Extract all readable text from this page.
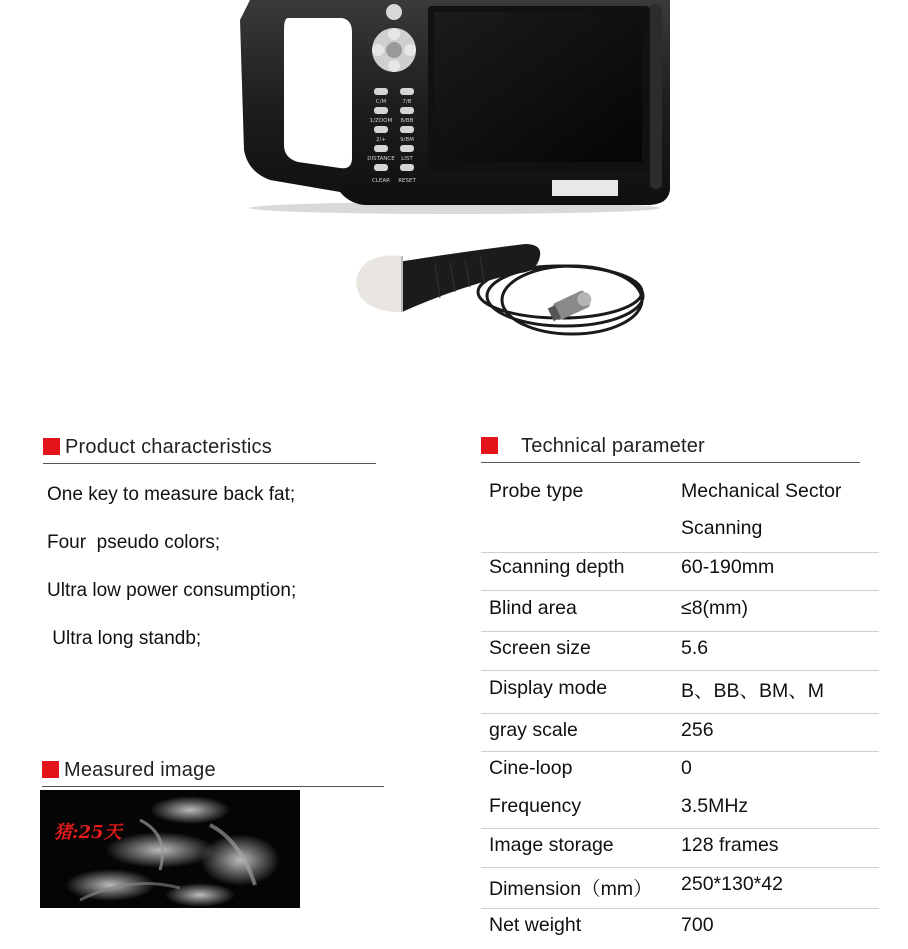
C/M	7/B
1/ZOOM 8/BB
2/+	9/BM
DISTANCE LIST
CLEAR RESET
Product characteristics
One key to measure back fat;
Four  pseudo colors;
Ultra low power consumption;
Ultra long standb;
Technical parameter
Probe type	Mechanical Sector
Scanning
Scanning depth	60-190mm
Blind area	≤8(mm)
Screen size	5.6
Display mode	B、BB、BM、M
gray scale	256
Cine-loop	0
Frequency	3.5MHz
Image storage	128 frames
Dimension（mm） 250*130*42
Net weight	700
Measured image
猪:25天
